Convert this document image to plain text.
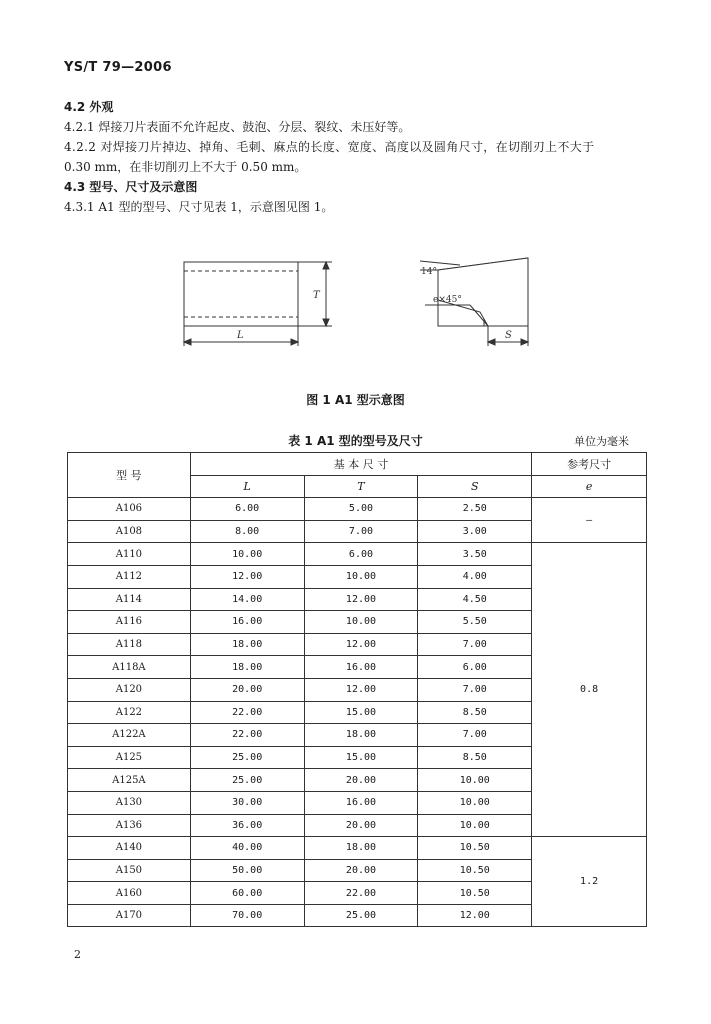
YS/T 79—2006
4.2 外观
4.2.1 焊接刀片表面不允许起皮、鼓泡、分层、裂纹、未压好等。
4.2.2 对焊接刀片掉边、掉角、毛刺、麻点的长度、宽度、高度以及圆角尺寸，在切削刃上不大于
0.30 mm，在非切削刃上不大于 0.50 mm。
4.3 型号、尺寸及示意图
4.3.1 A1 型的型号、尺寸见表 1，示意图见图 1。
T
L
14°
e×45°
S
图 1 A1 型示意图
表 1 A1 型的型号及尺寸	单位为毫米
型 号	基 本 尺 寸			参考尺寸
	L	T	S	e
A106	6.00	5.00	2.50	—
A108	8.00	7.00	3.00	
A110	10.00	6.00	3.50	0.8
A112	12.00	10.00	4.00	
A114	14.00	12.00	4.50	
A116	16.00	10.00	5.50	
A118	18.00	12.00	7.00	
A118A	18.00	16.00	6.00	
A120	20.00	12.00	7.00	
A122	22.00	15.00	8.50	
A122A	22.00	18.00	7.00	
A125	25.00	15.00	8.50	
A125A	25.00	20.00	10.00	
A130	30.00	16.00	10.00	
A136	36.00	20.00	10.00	
A140	40.00	18.00	10.50	1.2
A150	50.00	20.00	10.50	
A160	60.00	22.00	10.50	
A170	70.00	25.00	12.00	
2
